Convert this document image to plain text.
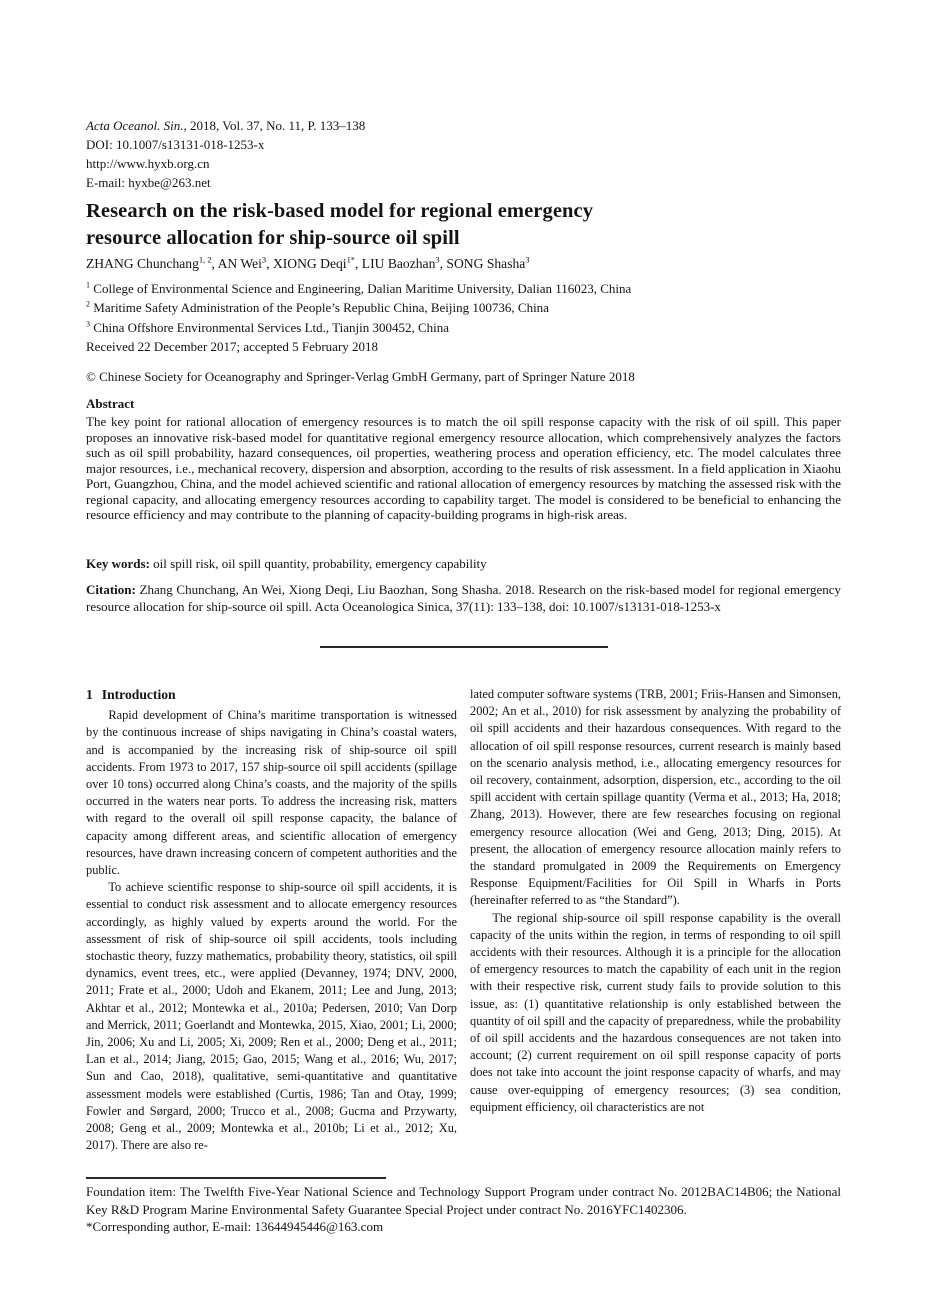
Acta Oceanol. Sin., 2018, Vol. 37, No. 11, P. 133–138
DOI: 10.1007/s13131-018-1253-x
http://www.hyxb.org.cn
E-mail: hyxbe@263.net
Research on the risk-based model for regional emergency
resource allocation for ship-source oil spill
ZHANG Chunchang$^{1, 2}$, AN Wei$^3$, XIONG Deqi$^{1*}$, LIU Baozhan$^3$, SONG Shasha$^3$
$^1$ College of Environmental Science and Engineering, Dalian Maritime University, Dalian 116023, China
$^2$ Maritime Safety Administration of the People’s Republic China, Beijing 100736, China
$^3$ China Offshore Environmental Services Ltd., Tianjin 300452, China
Received 22 December 2017; accepted 5 February 2018
© Chinese Society for Oceanography and Springer-Verlag GmbH Germany, part of Springer Nature 2018
Abstract
The key point for rational allocation of emergency resources is to match the oil spill response capacity with the risk of oil spill. This paper proposes an innovative risk-based model for quantitative regional emergency resource allocation, which comprehensively analyzes the factors such as oil spill probability, hazard consequences, oil properties, weathering process and operation efficiency, etc. The model calculates three major resources, i.e., mechanical recovery, dispersion and absorption, according to the results of risk assessment. In a field application in Xiaohu Port, Guangzhou, China, and the model achieved scientific and rational allocation of emergency resources by matching the assessed risk with the regional capacity, and allocating emergency resources according to capability target. The model is considered to be beneficial to enhancing the resource efficiency and may contribute to the planning of capacity-building programs in high-risk areas.
Key words: oil spill risk, oil spill quantity, probability, emergency capability
Citation: Zhang Chunchang, An Wei, Xiong Deqi, Liu Baozhan, Song Shasha. 2018. Research on the risk-based model for regional emergency resource allocation for ship-source oil spill. Acta Oceanologica Sinica, 37(11): 133–138, doi: 10.1007/s13131-018-1253-x
1 Introduction

Rapid development of China’s maritime transportation is witnessed by the continuous increase of ships navigating in China’s coastal waters, and is accompanied by the increasing risk of ship-source oil spill accidents. From 1973 to 2017, 157 ship-source oil spill accidents (spillage over 10 tons) occurred along China’s coasts, and the majority of the spills occurred in the waters near ports. To address the increasing risk, matters with regard to the overall oil spill response capacity, the balance of capacity among different areas, and scientific allocation of emergency resources, have drawn increasing concern of competent authorities and the public.

To achieve scientific response to ship-source oil spill accidents, it is essential to conduct risk assessment and to allocate emergency resources accordingly, as highly valued by experts around the world. For the assessment of risk of ship-source oil spill accidents, tools including stochastic theory, fuzzy mathematics, probability theory, statistics, oil spill dynamics, event trees, etc., were applied (Devanney, 1974; DNV, 2000, 2011; Frate et al., 2000; Udoh and Ekanem, 2011; Lee and Jung, 2013; Akhtar et al., 2012; Montewka et al., 2010a; Pedersen, 2010; Van Dorp and Merrick, 2011; Goerlandt and Montewka, 2015, Xiao, 2001; Li, 2000; Jin, 2006; Xu and Li, 2005; Xi, 2009; Ren et al., 2000; Deng et al., 2011; Lan et al., 2014; Jiang, 2015; Gao, 2015; Wang et al., 2016; Wu, 2017; Sun and Cao, 2018), qualitative, semi-quantitative and quantitative assessment models were established (Curtis, 1986; Tan and Otay, 1999; Fowler and Sørgard, 2000; Trucco et al., 2008; Gucma and Przywarty, 2008; Geng et al., 2009; Montewka et al., 2010b; Li et al., 2012; Xu, 2017). There are also re-

lated computer software systems (TRB, 2001; Friis-Hansen and Simonsen, 2002; An et al., 2010) for risk assessment by analyzing the probability of oil spill accidents and their hazardous consequences. With regard to the allocation of oil spill response resources, current research is mainly based on the scenario analysis method, i.e., allocating emergency resources for oil recovery, containment, adsorption, dispersion, etc., according to the oil spill accident with certain spillage quantity (Verma et al., 2013; Ha, 2018; Zhang, 2013). However, there are few researches focusing on regional emergency resource allocation (Wei and Geng, 2013; Ding, 2015). At present, the allocation of emergency resource allocation mainly refers to the standard promulgated in 2009 the Requirements on Emergency Response Equipment/Facilities for Oil Spill in Wharfs in Ports (hereinafter referred to as “the Standard”).

The regional ship-source oil spill response capability is the overall capacity of the units within the region, in terms of responding to oil spill accidents with their resources. Although it is a principle for the allocation of emergency resources to match the capability of each unit in the region with their respective risk, current study fails to provide solution to this issue, as: (1) quantitative relationship is only established between the quantity of oil spill and the capacity of preparedness, while the probability of oil spill accidents and the hazardous consequences are not taken into account; (2) current requirement on oil spill response capacity of ports does not take into account the joint response capacity of wharfs, and may cause over-equipping of emergency resources; (3) sea condition, equipment efficiency, oil characteristics are not

Foundation item: The Twelfth Five-Year National Science and Technology Support Program under contract No. 2012BAC14B06; the National Key R&D Program Marine Environmental Safety Guarantee Special Project under contract No. 2016YFC1402306.
*Corresponding author, E-mail: 13644945446@163.com
